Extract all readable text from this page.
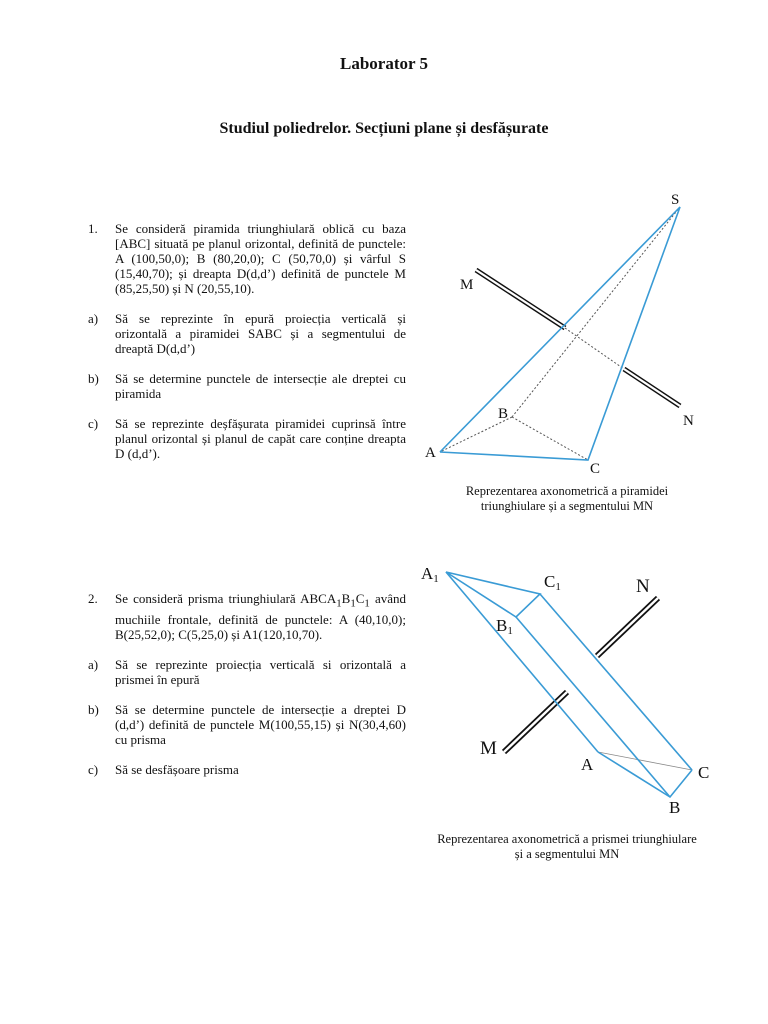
Laborator 5
Studiul poliedrelor. Secțiuni plane și desfășurate
1.	Se consideră piramida triunghiulară oblică cu baza [ABC] situată pe planul orizontal, definită de punctele: A (100,50,0); B (80,20,0); C (50,70,0) și vârful S (15,40,70); și dreapta D(d,d’) definită de punctele M (85,25,50) și N (20,55,10).
a)	Să se reprezinte în epură proiecția verticală și orizontală a piramidei SABC și a segmentului de dreaptă D(d,d’)
b)	Să se determine punctele de intersecție ale dreptei cu piramida
c)	Să se reprezinte deșfășurata piramidei cuprinsă între planul orizontal și planul de capăt care conține dreapta D (d,d’).
2.	Se consideră prisma triunghiulară $ABCA_1B_1C_1$ având muchiile frontale, definită de punctele: A (40,10,0); B(25,52,0); C(5,25,0) și A1(120,10,70).
a)	Să se reprezinte proiecția verticală si orizontală a prismei în epură
b)	Să se determine punctele de intersecție a dreptei D (d,d’) definită de punctele M(100,55,15) și N(30,4,60) cu prisma
c)	Să se desfășoare prisma
S
M
N
B
A
C
A1	C1
B1
N
M
A	C
B
Reprezentarea axonometrică a piramidei
triunghiulare și a segmentului MN
Reprezentarea axonometrică a prismei triunghiulare
și a segmentului MN
